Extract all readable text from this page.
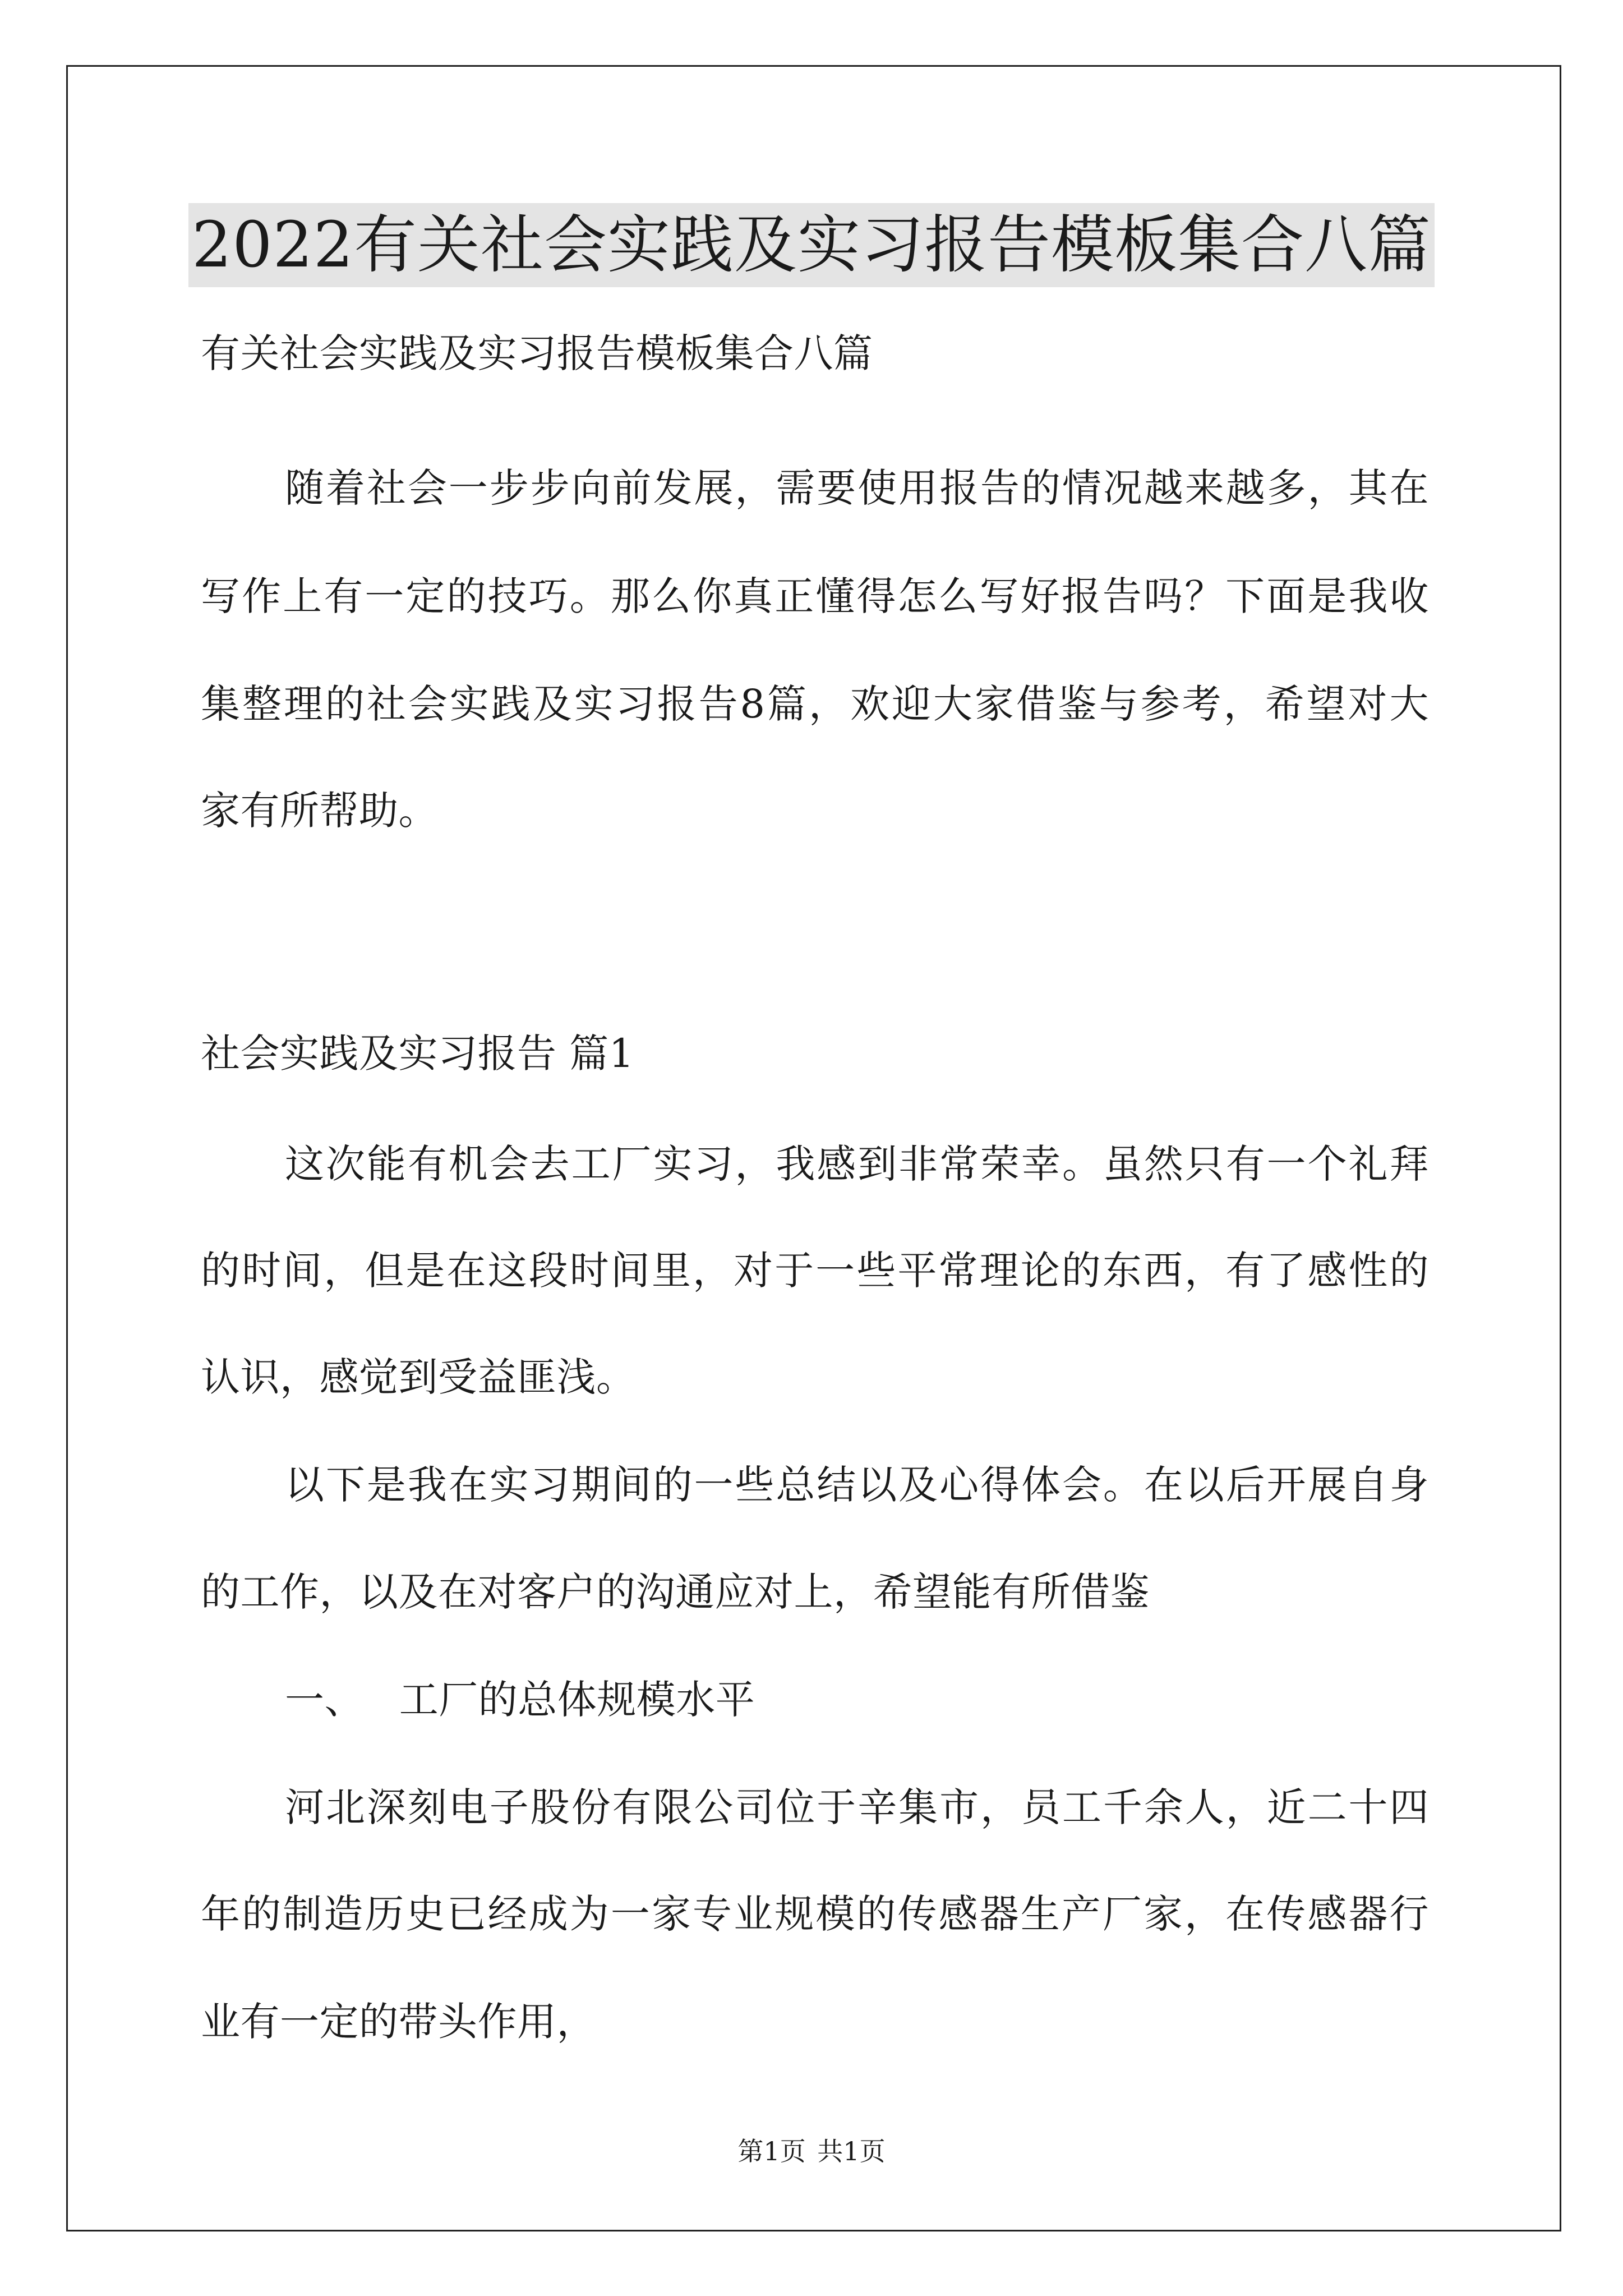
2022有关社会实践及实习报告模板集合八篇
有关社会实践及实习报告模板集合八篇
随着社会一步步向前发展，需要使用报告的情况越来越多，其在
写作上有一定的技巧。那么你真正懂得怎么写好报告吗？下面是我收
集整理的社会实践及实习报告8篇，欢迎大家借鉴与参考，希望对大
家有所帮助。
社会实践及实习报告 篇1
这次能有机会去工厂实习，我感到非常荣幸。虽然只有一个礼拜
的时间，但是在这段时间里，对于一些平常理论的东西，有了感性的
认识，感觉到受益匪浅。
以下是我在实习期间的一些总结以及心得体会。在以后开展自身
的工作，以及在对客户的沟通应对上，希望能有所借鉴
一、 工厂的总体规模水平
河北深刻电子股份有限公司位于辛集市，员工千余人，近二十四
年的制造历史已经成为一家专业规模的传感器生产厂家，在传感器行
业有一定的带头作用，
第1页 共1页
